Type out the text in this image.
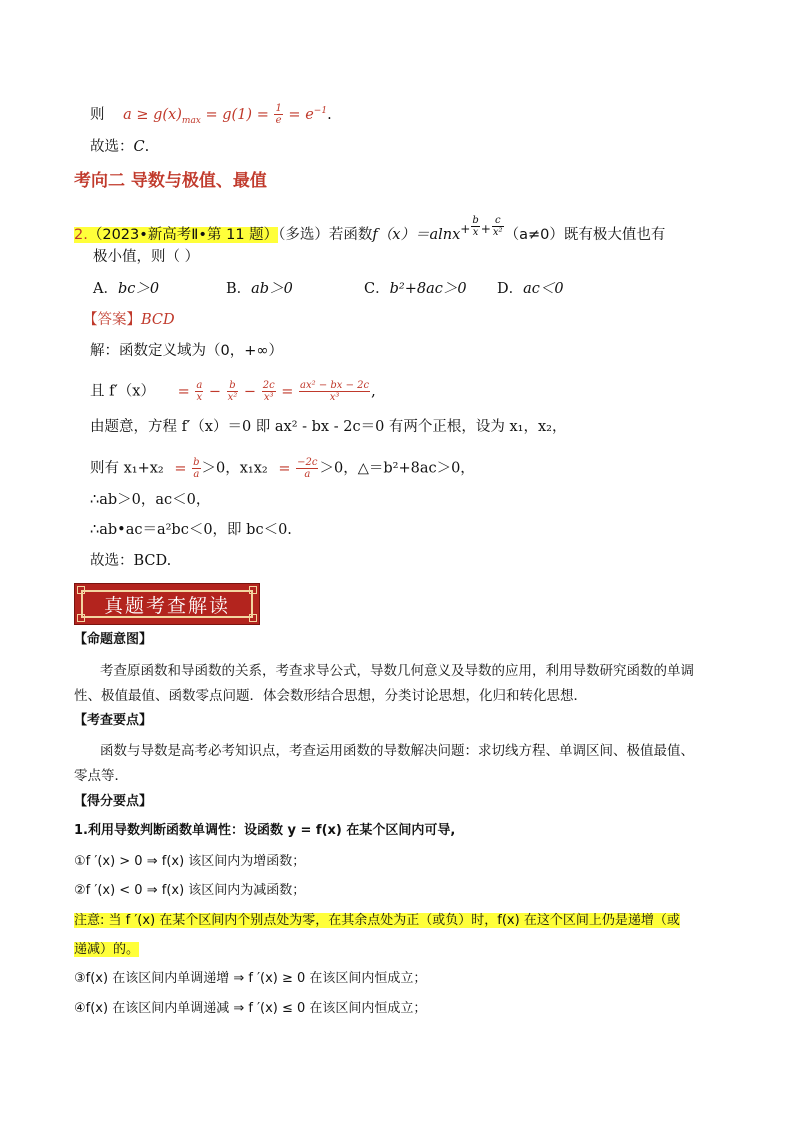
则 $a \ge g(x)_{max} = g(1) = \frac{1}{e} = e^{-1}$.
故选：C.
考向二 导数与极值、最值
2.（2023•新高考Ⅱ•第 11 题）（多选）若函数$f(x)=alnx^+ \frac{b}{x} ^+ \frac{c}{\text{x²}} (a\ne 0)$既有极大值也有
极小值，则（ ）
A．bc＞0	B．ab＞0	C．b²+8ac＞0 D．ac＜0
【答案】BCD
解：函数定义域为（0，+∞）
且 $f'(x) = \frac{a}{x} - \frac{b}{\text{x²}} - \frac{2c}{\text{x³}} = \frac{\text{ax² − bx − 2c}}{\text{x³}}$ ,
由题意，方程 f′（x）＝0 即 ax² - bx - 2c＝0 有两个正根，设为 x₁，x₂，
则有 $x_1+x_2 = \frac{b}{a} >0$，$x_1x_2 = \frac{-2c}{a} >0$，△＝b²+8ac＞0，
∴ab＞0，ac＜0，
∴ab•ac＝a²bc＜0，即 bc＜0.
故选：BCD.
真题考查解读
【命题意图】
考查原函数和导函数的关系，考查求导公式，导数几何意义及导数的应用，利用导数研究函数的单调
性、极值最值、函数零点问题．体会数形结合思想，分类讨论思想，化归和转化思想．
【考查要点】
函数与导数是高考必考知识点，考查运用函数的导数解决问题：求切线方程、单调区间、极值最值、
零点等．
【得分要点】
1.利用导数判断函数单调性：设函数 y = f(x) 在某个区间内可导,
①f ′(x) > 0 ⇒ f(x) 该区间内为增函数；
②f ′(x) < 0 ⇒ f(x) 该区间内为减函数；
注意: 当 f ′(x) 在某个区间内个别点处为零，在其余点处为正（或负）时，f(x) 在这个区间上仍是递增（或
递减）的。
③f(x) 在该区间内单调递增 ⇒ f ′(x) ≥ 0 在该区间内恒成立；
④f(x) 在该区间内单调递减 ⇒ f ′(x) ≤ 0 在该区间内恒成立；
